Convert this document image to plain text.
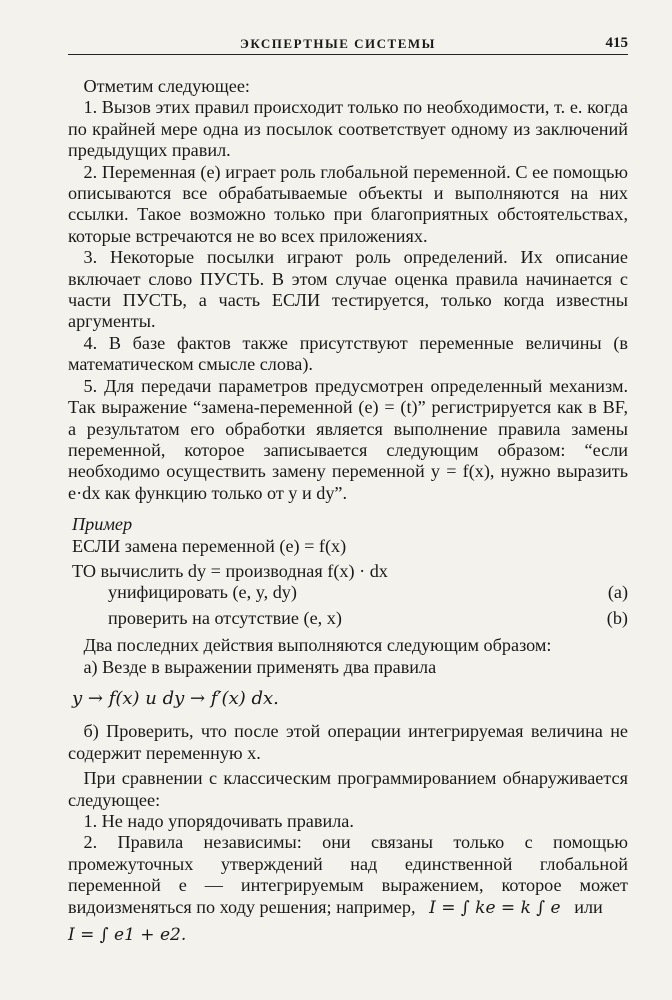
ЭКСПЕРТНЫЕ СИСТЕМЫ	415

Отметим следующее:

1. Вызов этих правил происходит только по необходимости, т. е. когда по крайней мере одна из посылок соответствует одному из заключений предыдущих правил.

2. Переменная (e) играет роль глобальной переменной. С ее помощью описываются все обрабатываемые объекты и выполняются на них ссылки. Такое возможно только при благоприятных обстоятельствах, которые встречаются не во всех приложениях.

3. Некоторые посылки играют роль определений. Их описание включает слово ПУСТЬ. В этом случае оценка правила начинается с части ПУСТЬ, а часть ЕСЛИ тестируется, только когда известны аргументы.

4. В базе фактов также присутствуют переменные величины (в математическом смысле слова).

5. Для передачи параметров предусмотрен определенный механизм. Так выражение “замена-переменной (e) = (t)” регистрируется как в BF, а результатом его обработки является выполнение правила замены переменной, которое записывается следующим образом: “если необходимо осуществить замену переменной y = f(x), нужно выразить e·dx как функцию только от y и dy”.

Пример
ЕСЛИ замена переменной (e) = f(x)
ТО вычислить dy = производная f(x) · dx
унифицировать (e, y, dy)	(a)
проверить на отсутствие (e, x)	(b)

Два последних действия выполняются следующим образом:

а) Везде в выражении применять два правила

y → f(x) и dy → f′(x) dx.

б) Проверить, что после этой операции интегрируемая величина не содержит переменную x.

При сравнении с классическим программированием обнаруживается следующее:

1. Не надо упорядочивать правила.

2. Правила независимы: они связаны только с помощью промежуточных утверждений над единственной глобальной переменной e — интегрируемым выражением, которое может видоизменяться по ходу решения; например, I = ∫ ke = k ∫ e или

I = ∫ e1 + e2.
